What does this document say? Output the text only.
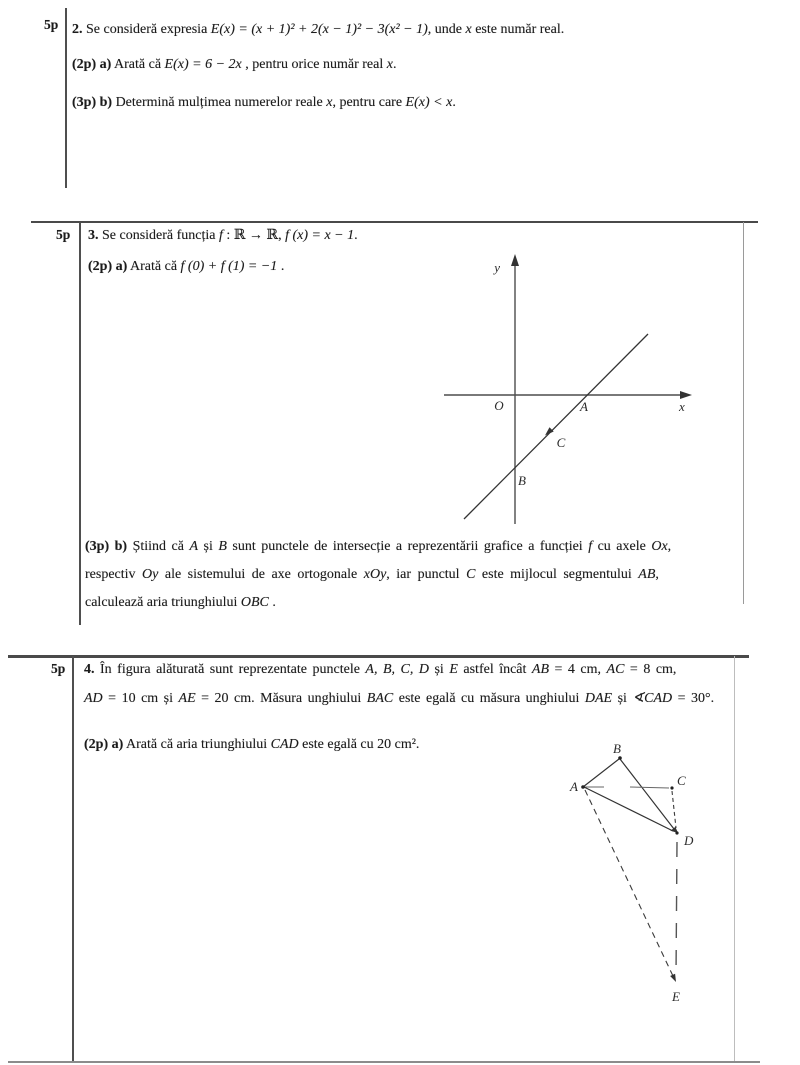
5p 2. Se consideră expresia E(x) = (x + 1)² + 2(x − 1)² − 3(x² − 1), unde x este număr real.
(2p) a) Arată că E(x) = 6 − 2x , pentru orice număr real x.
(3p) b) Determină mulțimea numerelor reale x, pentru care E(x) < x.
5p 3. Se consideră funcția f : ℝ → ℝ, f (x) = x − 1.
(2p) a) Arată că f (0) + f (1) = −1 .	y
x
O	A
B
C
(3p) b) Știind că A și B sunt punctele de intersecție a reprezentării grafice a funcției f cu axele Ox,
respectiv Oy ale sistemului de axe ortogonale xOy, iar punctul C este mijlocul segmentului AB,
calculează aria triunghiului OBC .
5p 4. În figura alăturată sunt reprezentate punctele A, B, C, D și E astfel încât AB = 4 cm, AC = 8 cm,
AD = 10 cm și AE = 20 cm. Măsura unghiului BAC este egală cu măsura unghiului DAE și ∢CAD = 30°.
(2p) a) Arată că aria triunghiului CAD este egală cu 20 cm².
A
B
C
D
E
